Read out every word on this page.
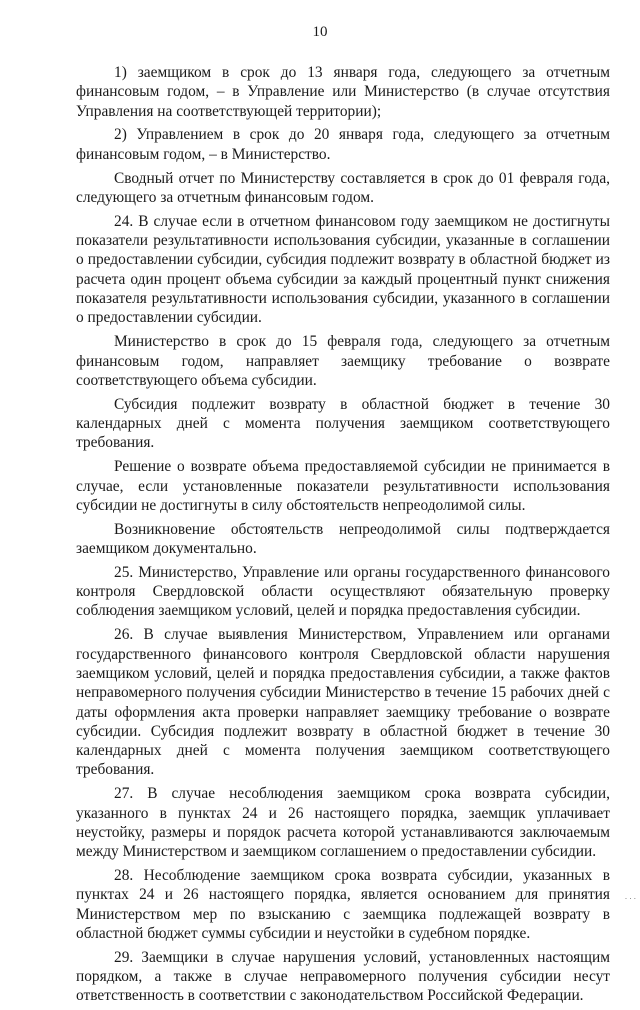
10

1) заемщиком в срок до 13 января года, следующего за отчетным финансовым годом, – в Управление или Министерство (в случае отсутствия Управления на соответствующей территории);

2) Управлением в срок до 20 января года, следующего за отчетным финансовым годом, – в Министерство.

Сводный отчет по Министерству составляется в срок до 01 февраля года, следующего за отчетным финансовым годом.

24. В случае если в отчетном финансовом году заемщиком не достигнуты показатели результативности использования субсидии, указанные в соглашении о предоставлении субсидии, субсидия подлежит возврату в областной бюджет из расчета один процент объема субсидии за каждый процентный пункт снижения показателя результативности использования субсидии, указанного в соглашении о предоставлении субсидии.

Министерство в срок до 15 февраля года, следующего за отчетным финансовым годом, направляет заемщику требование о возврате соответствующего объема субсидии.

Субсидия подлежит возврату в областной бюджет в течение 30 календарных дней с момента получения заемщиком соответствующего требования.

Решение о возврате объема предоставляемой субсидии не принимается в случае, если установленные показатели результативности использования субсидии не достигнуты в силу обстоятельств непреодолимой силы.

Возникновение обстоятельств непреодолимой силы подтверждается заемщиком документально.

25. Министерство, Управление или органы государственного финансового контроля Свердловской области осуществляют обязательную проверку соблюдения заемщиком условий, целей и порядка предоставления субсидии.

26. В случае выявления Министерством, Управлением или органами государственного финансового контроля Свердловской области нарушения заемщиком условий, целей и порядка предоставления субсидии, а также фактов неправомерного получения субсидии Министерство в течение 15 рабочих дней с даты оформления акта проверки направляет заемщику требование о возврате субсидии. Субсидия подлежит возврату в областной бюджет в течение 30 календарных дней с момента получения заемщиком соответствующего требования.

27. В случае несоблюдения заемщиком срока возврата субсидии, указанного в пунктах 24 и 26 настоящего порядка, заемщик уплачивает неустойку, размеры и порядок расчета которой устанавливаются заключаемым между Министерством и заемщиком соглашением о предоставлении субсидии.

28. Несоблюдение заемщиком срока возврата субсидии, указанных в пунктах 24 и 26 настоящего порядка, является основанием для принятия Министерством мер по взысканию с заемщика подлежащей возврату в областной бюджет суммы субсидии и неустойки в судебном порядке.

29. Заемщики в случае нарушения условий, установленных настоящим порядком, а также в случае неправомерного получения субсидии несут ответственность в соответствии с законодательством Российской Федерации.

· · ·
